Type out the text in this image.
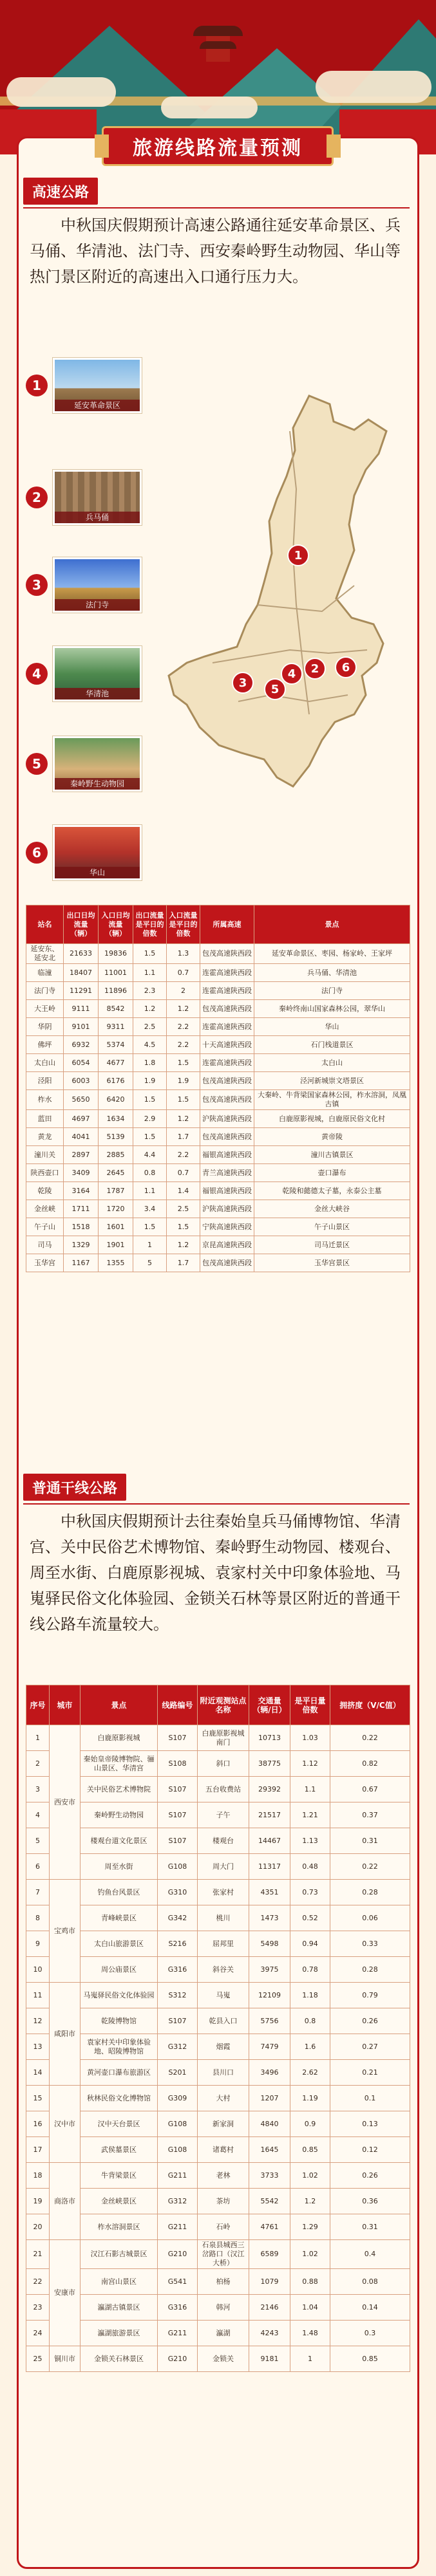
旅游线路流量预测
高速公路

中秋国庆假期预计高速公路通往延安革命景区、兵马俑、华清池、法门寺、西安秦岭野生动物园、华山等热门景区附近的高速出入口通行压力大。

1
延安革命景区
2
兵马俑
3
法门寺
4
华清池
5
秦岭野生动物园
6
华山
1
2
3
4
5
6
站名	出口日均流量（辆）	入口日均流量（辆）	出口流量是平日的倍数	入口流量是平日的倍数	所属高速	景点
延安东、延安北	21633	19836	1.5	1.3	包茂高速陕西段	延安革命景区、枣园、杨家岭、王家坪
临潼	18407	11001	1.1	0.7	连霍高速陕西段	兵马俑、华清池
法门寺	11291	11896	2.3	2	连霍高速陕西段	法门寺
大王岭	9111	8542	1.2	1.2	包茂高速陕西段	秦岭终南山国家森林公园，翠华山
华阴	9101	9311	2.5	2.2	连霍高速陕西段	华山
佛坪	6932	5374	4.5	2.2	十天高速陕西段	石门栈道景区
太白山	6054	4677	1.8	1.5	连霍高速陕西段	太白山
泾阳	6003	6176	1.9	1.9	包茂高速陕西段	泾河新城崇文塔景区
柞水	5650	6420	1.5	1.5	包茂高速陕西段	大秦岭、牛背梁国家森林公园，柞水溶洞，凤凰古镇
蓝田	4697	1634	2.9	1.2	沪陕高速陕西段	白鹿原影视城，白鹿原民俗文化村
黄龙	4041	5139	1.5	1.7	包茂高速陕西段	黄帝陵
潼川关	2897	2885	4.4	2.2	福银高速陕西段	潼川古镇景区
陕西壶口	3409	2645	0.8	0.7	青兰高速陕西段	壶口瀑布
乾陵	3164	1787	1.1	1.4	福银高速陕西段	乾陵和懿德太子墓，永泰公主墓
金丝峡	1711	1720	3.4	2.5	沪陕高速陕西段	金丝大峡谷
午子山	1518	1601	1.5	1.5	宁陕高速陕西段	午子山景区
司马	1329	1901	1	1.2	京昆高速陕西段	司马迁景区
玉华宫	1167	1355	5	1.7	包茂高速陕西段	玉华宫景区
普通干线公路

中秋国庆假期预计去往秦始皇兵马俑博物馆、华清宫、关中民俗艺术博物馆、秦岭野生动物园、楼观台、周至水街、白鹿原影视城、袁家村关中印象体验地、马嵬驿民俗文化体验园、金锁关石林等景区附近的普通干线公路车流量较大。

序号	城市	景点	线路编号	附近观测站点名称	交通量（辆/日）	是平日量倍数	拥挤度（V/C值）
1	西安市	白鹿原影视城	S107	白鹿原影视城南门	10713	1.03	0.22
2		秦始皇帝陵博物院、骊山景区、华清宫	S108	斜口	38775	1.12	0.82
3		关中民俗艺术博物院	S107	五台收费站	29392	1.1	0.67
4		秦岭野生动物园	S107	子午	21517	1.21	0.37
5		楼观台道文化景区	S107	楼观台	14467	1.13	0.31
6		周至水街	G108	周大门	11317	0.48	0.22
7	宝鸡市	钓鱼台风景区	G310	张家村	4351	0.73	0.28
8		青峰峡景区	G342	桃川	1473	0.52	0.06
9		太白山旅游景区	S216	屈邦里	5498	0.94	0.33
10		周公庙景区	G316	斜谷关	3975	0.78	0.28
11	咸阳市	马嵬驿民俗文化体验园	S312	马嵬	12109	1.18	0.79
12		乾陵博物馆	S107	乾县入口	5756	0.8	0.26
13		袁家村关中印象体验地、昭陵博物馆	G312	烟霞	7479	1.6	0.27
14		黄河壶口瀑布旅游区	S201	县川口	3496	2.62	0.21
15	汉中市	秋林民俗文化博物馆	G309	大村	1207	1.19	0.1
16		汉中天台景区	G108	新家洞	4840	0.9	0.13
17		武侯墓景区	G108	诸葛村	1645	0.85	0.12
18	商洛市	牛背梁景区	G211	老林	3733	1.02	0.26
19		金丝峡景区	G312	茶坊	5542	1.2	0.36
20		柞水溶洞景区	G211	石岭	4761	1.29	0.31
21	安康市	汉江石影古城景区	G210	石泉县城西三岔路口（汉江大桥）	6589	1.02	0.4
22		南宫山景区	G541	柏杨	1079	0.88	0.08
23		瀛湖古镇景区	G316	韩河	2146	1.04	0.14
24		瀛湖旅游景区	G211	瀛湖	4243	1.48	0.3
25	铜川市	金锁关石林景区	G210	金锁关	9181	1	0.85
